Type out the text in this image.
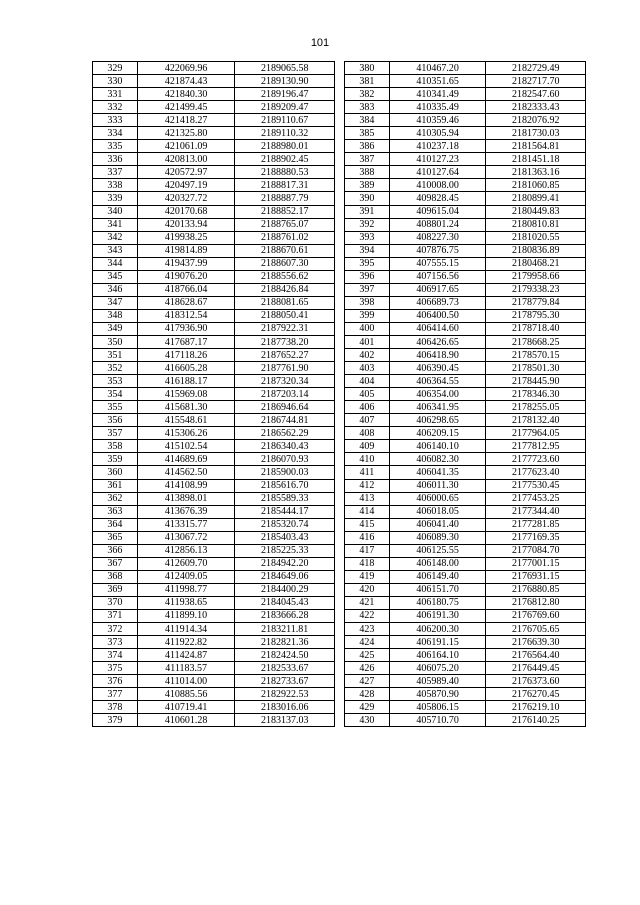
101
329	422069.96	2189065.58
330	421874.43	2189130.90
331	421840.30	2189196.47
332	421499.45	2189209.47
333	421418.27	2189110.67
334	421325.80	2189110.32
335	421061.09	2188980.01
336	420813.00	2188902.45
337	420572.97	2188880.53
338	420497.19	2188817.31
339	420327.72	2188887.79
340	420170.68	2188852.17
341	420133.94	2188765.07
342	419938.25	2188761.02
343	419814.89	2188670.61
344	419437.99	2188607.30
345	419076.20	2188556.62
346	418766.04	2188426.84
347	418628.67	2188081.65
348	418312.54	2188050.41
349	417936.90	2187922.31
350	417687.17	2187738.20
351	417118.26	2187652.27
352	416605.28	2187761.90
353	416188.17	2187320.34
354	415969.08	2187203.14
355	415681.30	2186946.64
356	415548.61	2186744.81
357	415306.26	2186562.29
358	415102.54	2186340.43
359	414689.69	2186070.93
360	414562.50	2185900.03
361	414108.99	2185616.70
362	413898.01	2185589.33
363	413676.39	2185444.17
364	413315.77	2185320.74
365	413067.72	2185403.43
366	412856.13	2185225.33
367	412609.70	2184942.20
368	412409.05	2184649.06
369	411998.77	2184400.29
370	411938.65	2184045.43
371	411899.10	2183666.28
372	411914.34	2183211.81
373	411922.82	2182821.36
374	411424.87	2182424.50
375	411183.57	2182533.67
376	411014.00	2182733.67
377	410885.56	2182922.53
378	410719.41	2183016.06
379	410601.28	2183137.03
380	410467.20	2182729.49
381	410351.65	2182717.70
382	410341.49	2182547.60
383	410335.49	2182333.43
384	410359.46	2182076.92
385	410305.94	2181730.03
386	410237.18	2181564.81
387	410127.23	2181451.18
388	410127.64	2181363.16
389	410008.00	2181060.85
390	409828.45	2180899.41
391	409615.04	2180449.83
392	408801.24	2180810.81
393	408227.30	2181020.55
394	407876.75	2180836.89
395	407555.15	2180468.21
396	407156.56	2179958.66
397	406917.65	2179338.23
398	406689.73	2178779.84
399	406400.50	2178795.30
400	406414.60	2178718.40
401	406426.65	2178668.25
402	406418.90	2178570.15
403	406390.45	2178501.30
404	406364.55	2178445.90
405	406354.00	2178346.30
406	406341.95	2178255.05
407	406298.65	2178132.40
408	406209.15	2177964.05
409	406140.10	2177812.95
410	406082.30	2177723.60
411	406041.35	2177623.40
412	406011.30	2177530.45
413	406000.65	2177453.25
414	406018.05	2177344.40
415	406041.40	2177281.85
416	406089.30	2177169.35
417	406125.55	2177084.70
418	406148.00	2177001.15
419	406149.40	2176931.15
420	406151.70	2176880.85
421	406180.75	2176812.80
422	406191.30	2176769.60
423	406200.30	2176705.65
424	406191.15	2176639.30
425	406164.10	2176564.40
426	406075.20	2176449.45
427	405989.40	2176373.60
428	405870.90	2176270.45
429	405806.15	2176219.10
430	405710.70	2176140.25
